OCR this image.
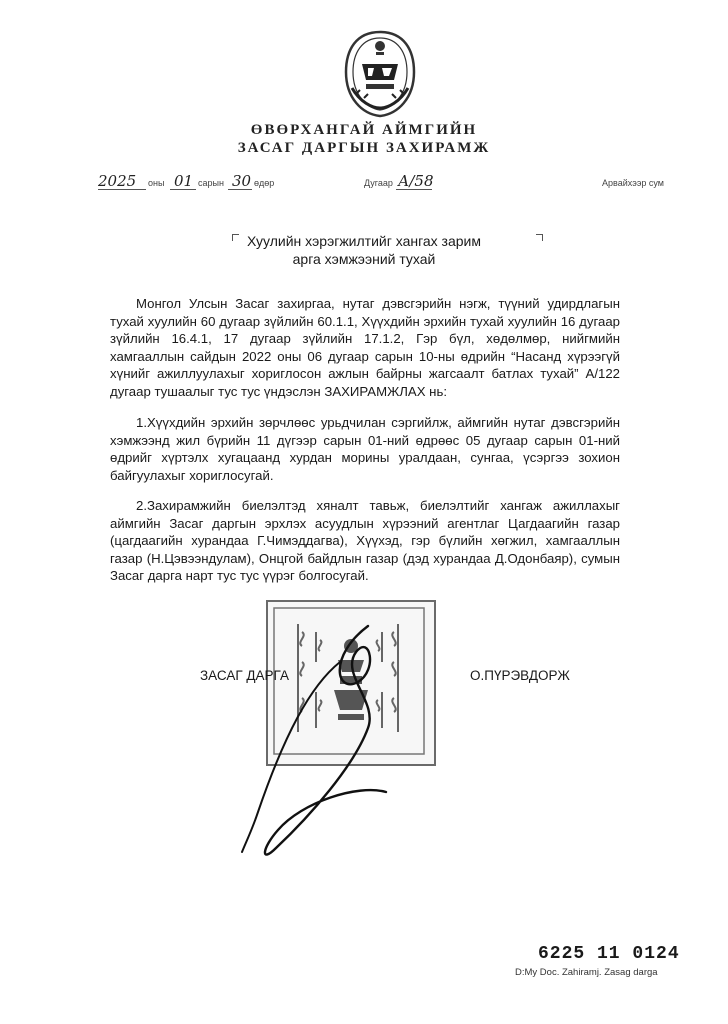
ӨВӨРХАНГАЙ АЙМГИЙН
ЗАСАГ ДАРГЫН ЗАХИРАМЖ
2025 оны 01 сарын 30 өдөр	Дугаар А/58	Арвайхээр сум
Хуулийн хэрэгжилтийг хангах зарим
арга хэмжээний тухай
Монгол Улсын Засаг захиргаа, нутаг дэвсгэрийн нэгж, түүний удирдлагын тухай хуулийн 60 дугаар зүйлийн 60.1.1, Хүүхдийн эрхийн тухай хуулийн 16 дугаар зүйлийн 16.4.1, 17 дугаар зүйлийн 17.1.2, Гэр бүл, хөдөлмөр, нийгмийн хамгааллын сайдын 2022 оны 06 дугаар сарын 10-ны өдрийн “Насанд хүрээгүй хүнийг ажиллуулахыг хориглосон ажлын байрны жагсаалт батлах тухай” А/122 дугаар тушаалыг тус тус үндэслэн ЗАХИРАМЖЛАХ нь:
1.Хүүхдийн эрхийн зөрчлөөс урьдчилан сэргийлж, аймгийн нутаг дэвсгэрийн хэмжээнд жил бүрийн 11 дүгээр сарын 01-ний өдрөөс 05 дугаар сарын 01-ний өдрийг хүртэлх хугацаанд хурдан морины уралдаан, сунгаа, үсэргээ зохион байгуулахыг хориглосугай.
2.Захирамжийн биелэлтэд хяналт тавьж, биелэлтийг хангаж ажиллахыг аймгийн Засаг даргын эрхлэх асуудлын хүрээний агентлаг Цагдаагийн газар (цагдаагийн хурандаа Г.Чимэддагва), Хүүхэд, гэр бүлийн хөгжил, хамгааллын газар (Н.Цэвээндулам), Онцгой байдлын газар (дэд хурандаа Д.Одонбаяр), сумын Засаг дарга нарт тус тус үүрэг болгосугай.
ЗАСАГ ДАРГА	О.ПҮРЭВДОРЖ
6225 11 0124
D:My Doc. Zahiramj. Zasag darga
